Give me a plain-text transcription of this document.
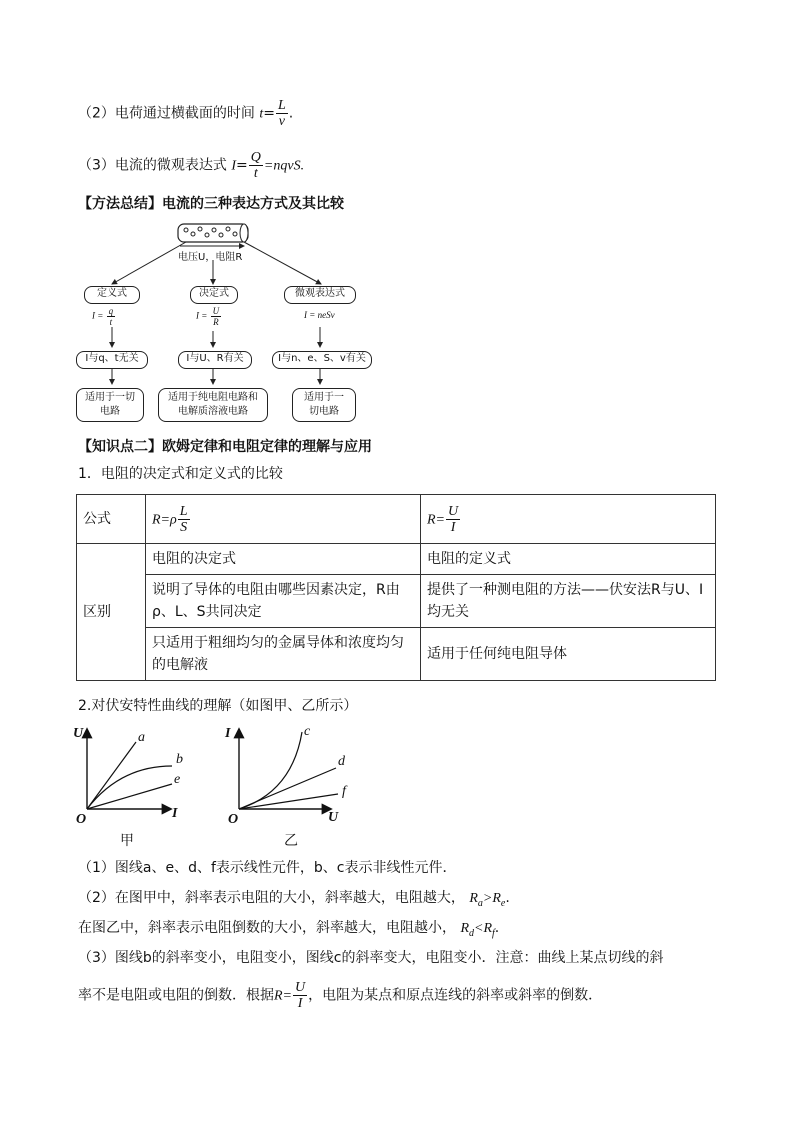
（2）电荷通过横截面的时间 $t= \frac{L}{v}$ .
（3）电流的微观表达式 $I= \frac{Q}{t}$ =nqvS.
【方法总结】电流的三种表达方式及其比较
电压U，电阻R
定义式
$I = \frac{q}{t}$
I与q、t无关
适用于一切电路
决定式
$I = \frac{U}{R}$
I与U、R有关
适用于纯电阻电路和电解质溶液电路
微观表达式
I = neSv
I与n、e、S、v有关
适用于一切电路
【知识点二】欧姆定律和电阻定律的理解与应用
1．电阻的决定式和定义式的比较
公式	$R=\rho \frac{L}{S}$	$R= \frac{U}{I}$

区别	电阻的决定式	电阻的定义式
	说明了导体的电阻由哪些因素决定，R由ρ、L、S共同决定	提供了一种测电阻的方法——伏安法R与U、I均无关
	只适用于粗细均匀的金属导体和浓度均匀的电解液	适用于任何纯电阻导体
2.对伏安特性曲线的理解（如图甲、乙所示）
U
I
O
a
b
e
甲
I
U
O
c
d
f
乙
（1）图线a、e、d、f表示线性元件，b、c表示非线性元件．
（2）在图甲中，斜率表示电阻的大小，斜率越大，电阻越大， $R_a>R_e$.
在图乙中，斜率表示电阻倒数的大小，斜率越大，电阻越小， $R_d<R_f$.
（3）图线b的斜率变小，电阻变小，图线c的斜率变大，电阻变小．注意：曲线上某点切线的斜
率不是电阻或电阻的倒数．根据$R= \frac{U}{I}$ ，电阻为某点和原点连线的斜率或斜率的倒数．
